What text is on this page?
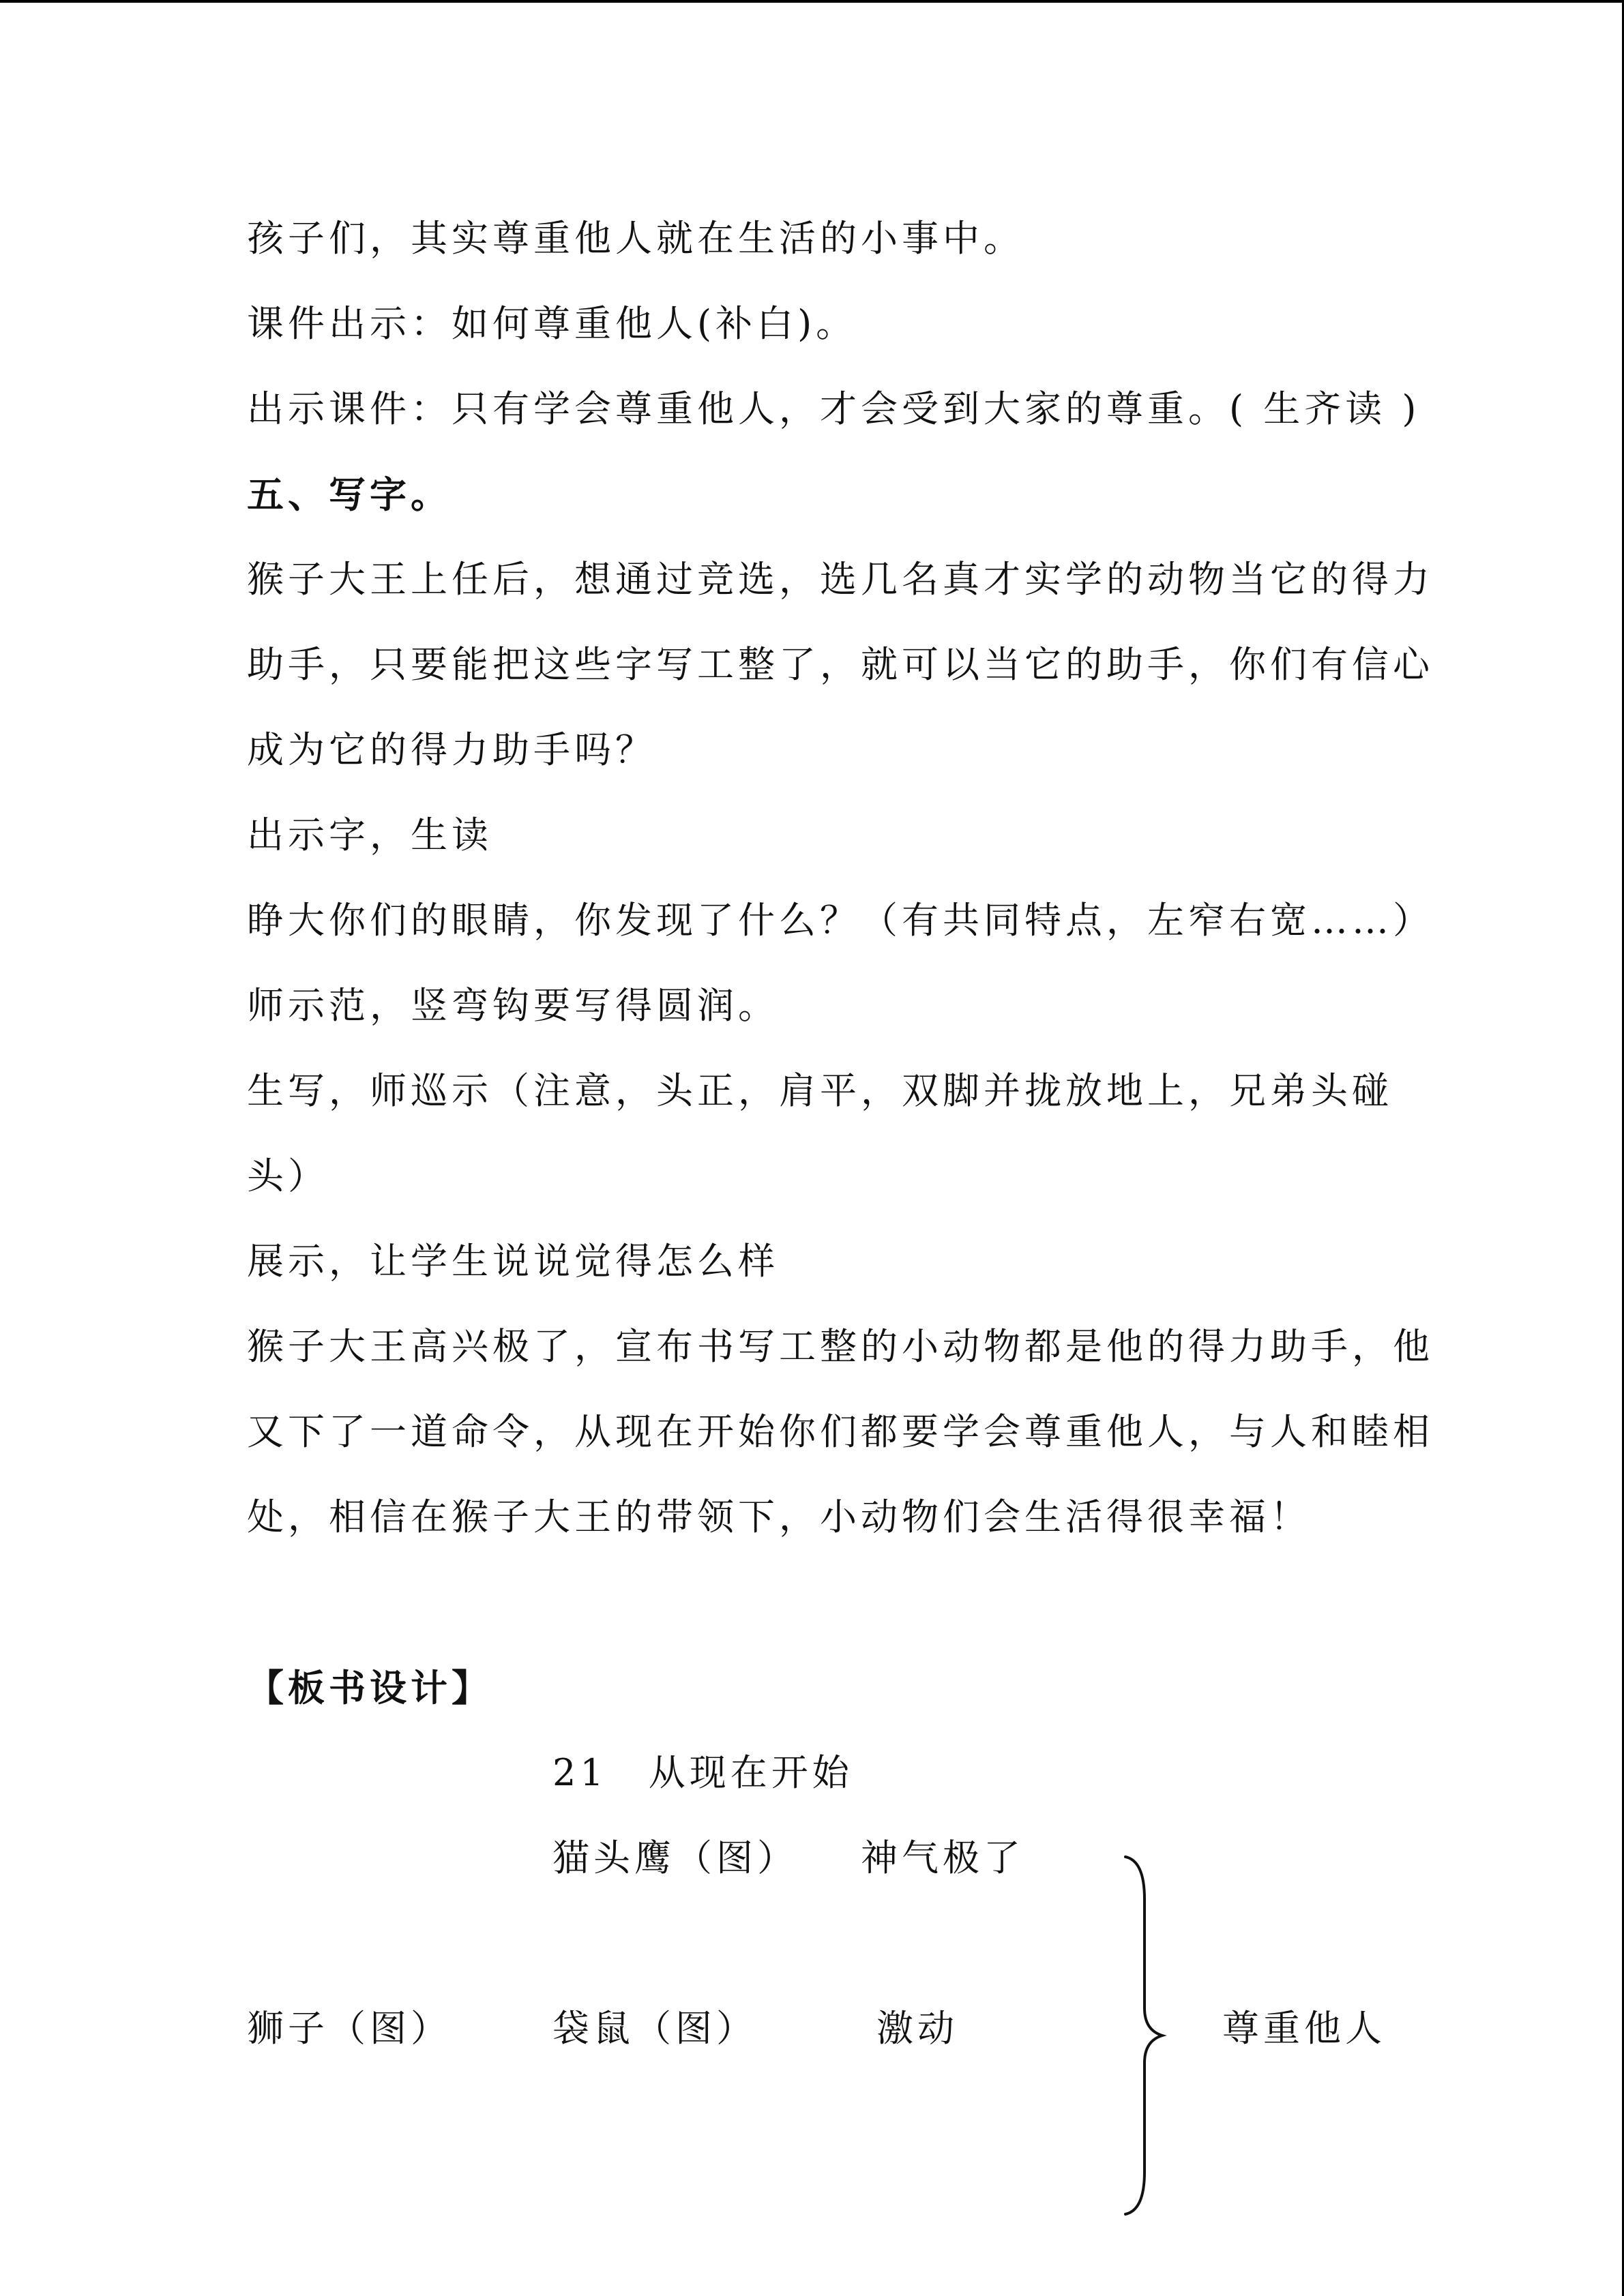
孩子们，其实尊重他人就在生活的小事中。
课件出示：如何尊重他人(补白)。
出示课件：只有学会尊重他人，才会受到大家的尊重。( 生齐读 )
五、写字。
猴子大王上任后，想通过竞选，选几名真才实学的动物当它的得力
助手，只要能把这些字写工整了，就可以当它的助手，你们有信心
成为它的得力助手吗？
出示字，生读
睁大你们的眼睛，你发现了什么？（有共同特点，左窄右宽……）
师示范，竖弯钩要写得圆润。
生写，师巡示（注意，头正，肩平，双脚并拢放地上，兄弟头碰
头）
展示，让学生说说觉得怎么样
猴子大王高兴极了，宣布书写工整的小动物都是他的得力助手，他
又下了一道命令，从现在开始你们都要学会尊重他人，与人和睦相
处，相信在猴子大王的带领下，小动物们会生活得很幸福！
【板书设计】
21　从现在开始
猫头鹰（图） 神气极了
狮子（图）	袋鼠（图）	激动	尊重他人
